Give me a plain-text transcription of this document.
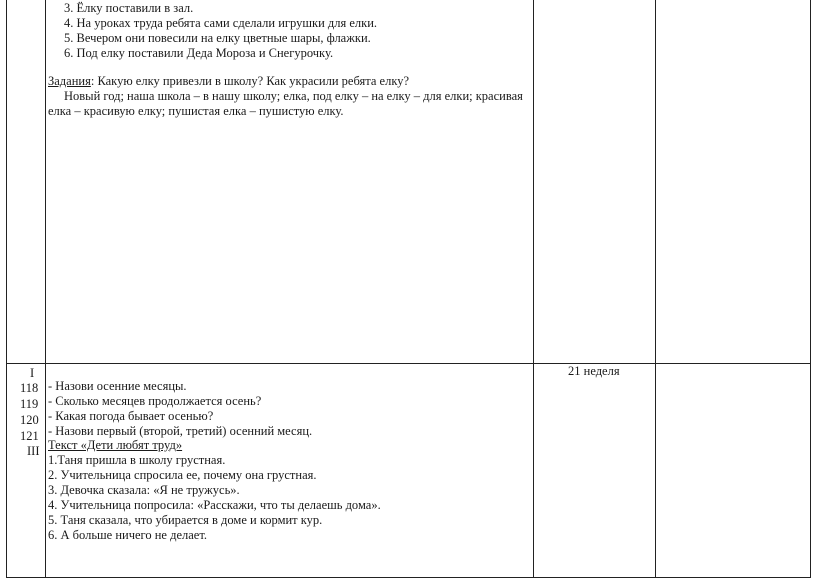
3. Ёлку поставили в зал.
4. На уроках труда ребята сами сделали игрушки для елки.
5. Вечером они повесили на елку цветные шары, флажки.
6. Под елку поставили Деда Мороза и Снегурочку.
Задания: Какую елку привезли в школу? Как украсили ребята елку?
Новый год; наша школа – в нашу школу; елка, под елку – на елку – для елки; красивая
елка – красивую елку; пушистая елка – пушистую елку.
I
118
119
120
121
III
21 неделя
- Назови осенние месяцы.
- Сколько месяцев продолжается осень?
- Какая погода бывает осенью?
- Назови первый (второй, третий) осенний месяц.
Текст «Дети любят труд»
1.Таня пришла в школу грустная.
2. Учительница спросила ее, почему она грустная.
3. Девочка сказала: «Я не тружусь».
4. Учительница попросила: «Расскажи, что ты делаешь дома».
5. Таня сказала, что убирается в доме и кормит кур.
6. А больше ничего не делает.
